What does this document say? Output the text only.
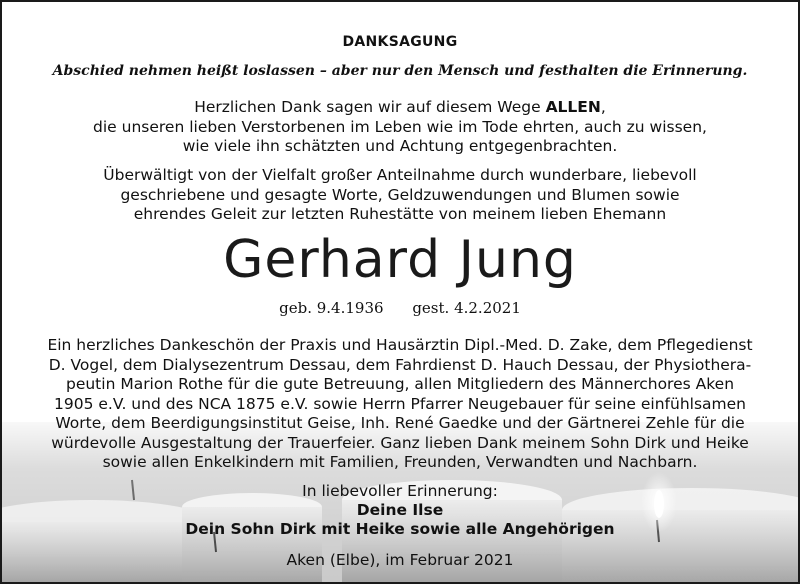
DANKSAGUNG
Abschied nehmen heißt loslassen – aber nur den Mensch und festhalten die Erinnerung.
Herzlichen Dank sagen wir auf diesem Wege ALLEN,
die unseren lieben Verstorbenen im Leben wie im Tode ehrten, auch zu wissen,
wie viele ihn schätzten und Achtung entgegenbrachten.
Überwältigt von der Vielfalt großer Anteilnahme durch wunderbare, liebevoll
geschriebene und gesagte Worte, Geldzuwendungen und Blumen sowie
ehrendes Geleit zur letzten Ruhestätte von meinem lieben Ehemann
Gerhard Jung
geb. 9.4.1936 gest. 4.2.2021
Ein herzliches Dankeschön der Praxis und Hausärztin Dipl.-Med. D. Zake, dem Pflegedienst
D. Vogel, dem Dialysezentrum Dessau, dem Fahrdienst D. Hauch Dessau, der Physiothera-
peutin Marion Rothe für die gute Betreuung, allen Mitgliedern des Männerchores Aken
1905 e.V. und des NCA 1875 e.V. sowie Herrn Pfarrer Neugebauer für seine einfühlsamen
Worte, dem Beerdigungsinstitut Geise, Inh. René Gaedke und der Gärtnerei Zehle für die
würdevolle Ausgestaltung der Trauerfeier. Ganz lieben Dank meinem Sohn Dirk und Heike
sowie allen Enkelkindern mit Familien, Freunden, Verwandten und Nachbarn.
In liebevoller Erinnerung:
Deine Ilse
Dein Sohn Dirk mit Heike sowie alle Angehörigen
Aken (Elbe), im Februar 2021
